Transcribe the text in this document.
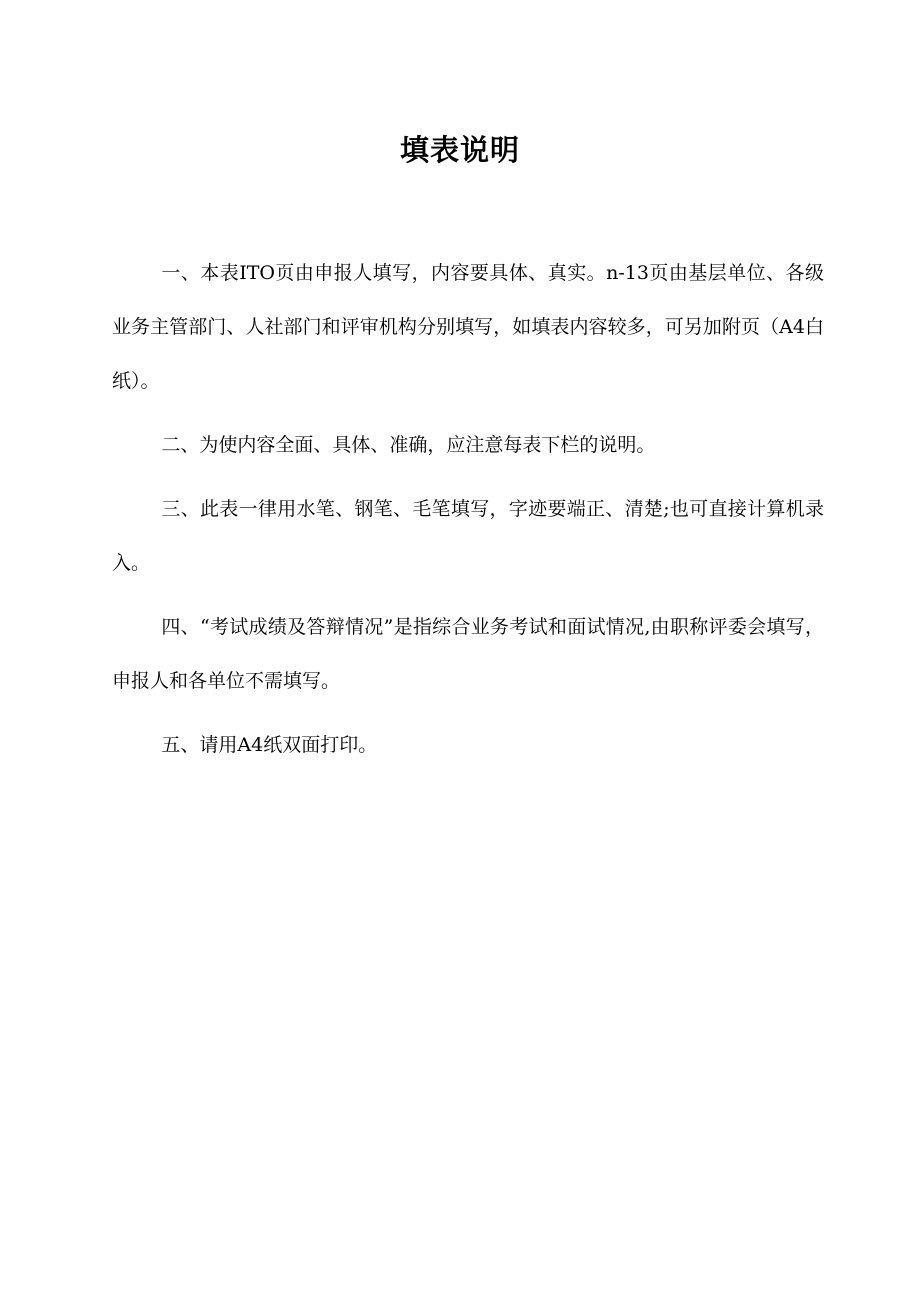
填表说明

一、本表ITO页由申报人填写，内容要具体、真实。n-13页由基层单位、各级业务主管部门、人社部门和评审机构分别填写，如填表内容较多，可另加附页（A4白纸）。

二、为使内容全面、具体、准确，应注意每表下栏的说明。

三、此表一律用水笔、钢笔、毛笔填写，字迹要端正、清楚;也可直接计算机录入。

四、“考试成绩及答辩情况”是指综合业务考试和面试情况,由职称评委会填写，申报人和各单位不需填写。

五、请用A4纸双面打印。
